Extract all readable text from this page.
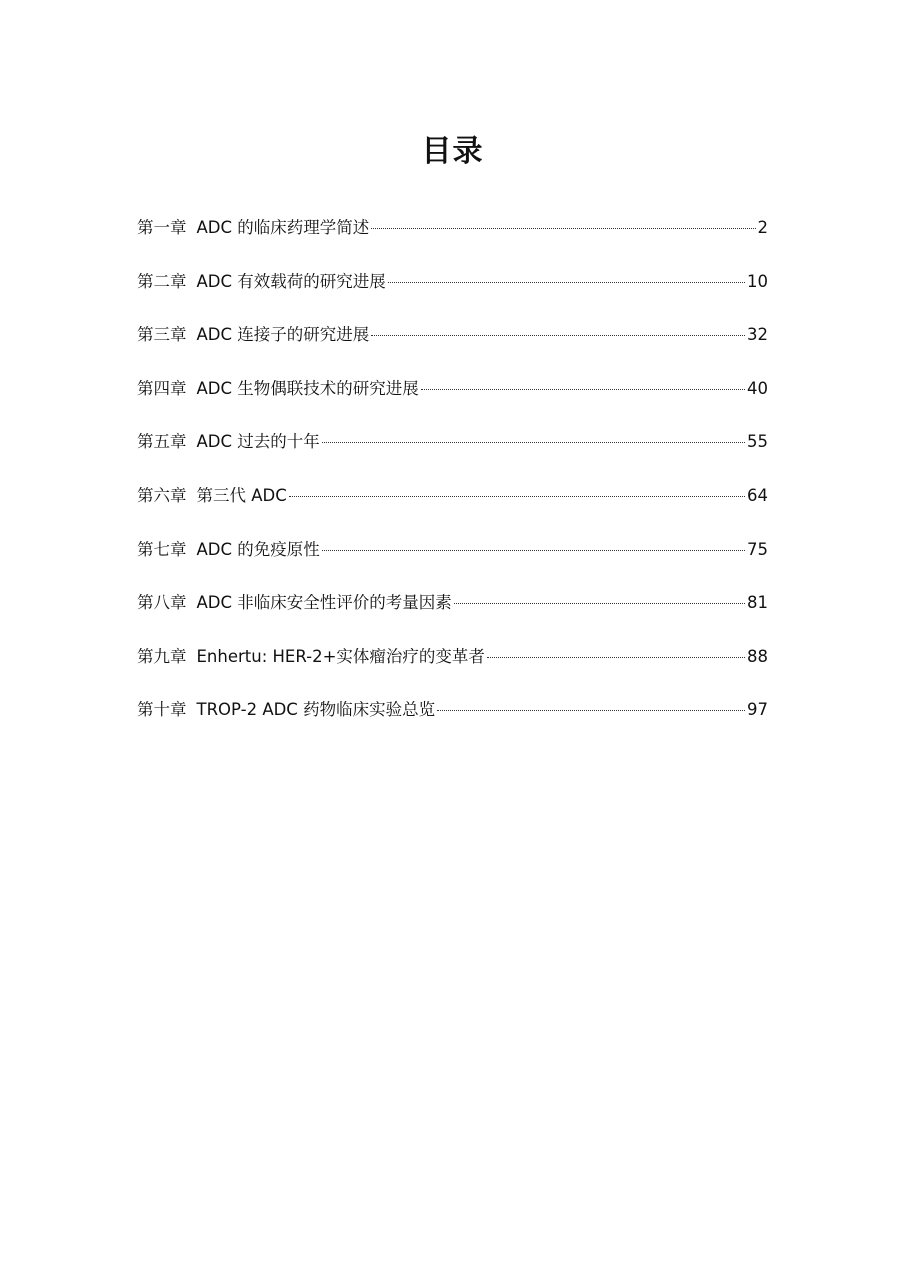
目录
第一章 ADC 的临床药理学简述	2
第二章 ADC 有效载荷的研究进展	10
第三章 ADC 连接子的研究进展	32
第四章 ADC 生物偶联技术的研究进展	40
第五章 ADC 过去的十年	55
第六章 第三代 ADC	64
第七章 ADC 的免疫原性	75
第八章 ADC 非临床安全性评价的考量因素	81
第九章 Enhertu: HER-2+实体瘤治疗的变革者	88
第十章 TROP-2 ADC 药物临床实验总览	97
